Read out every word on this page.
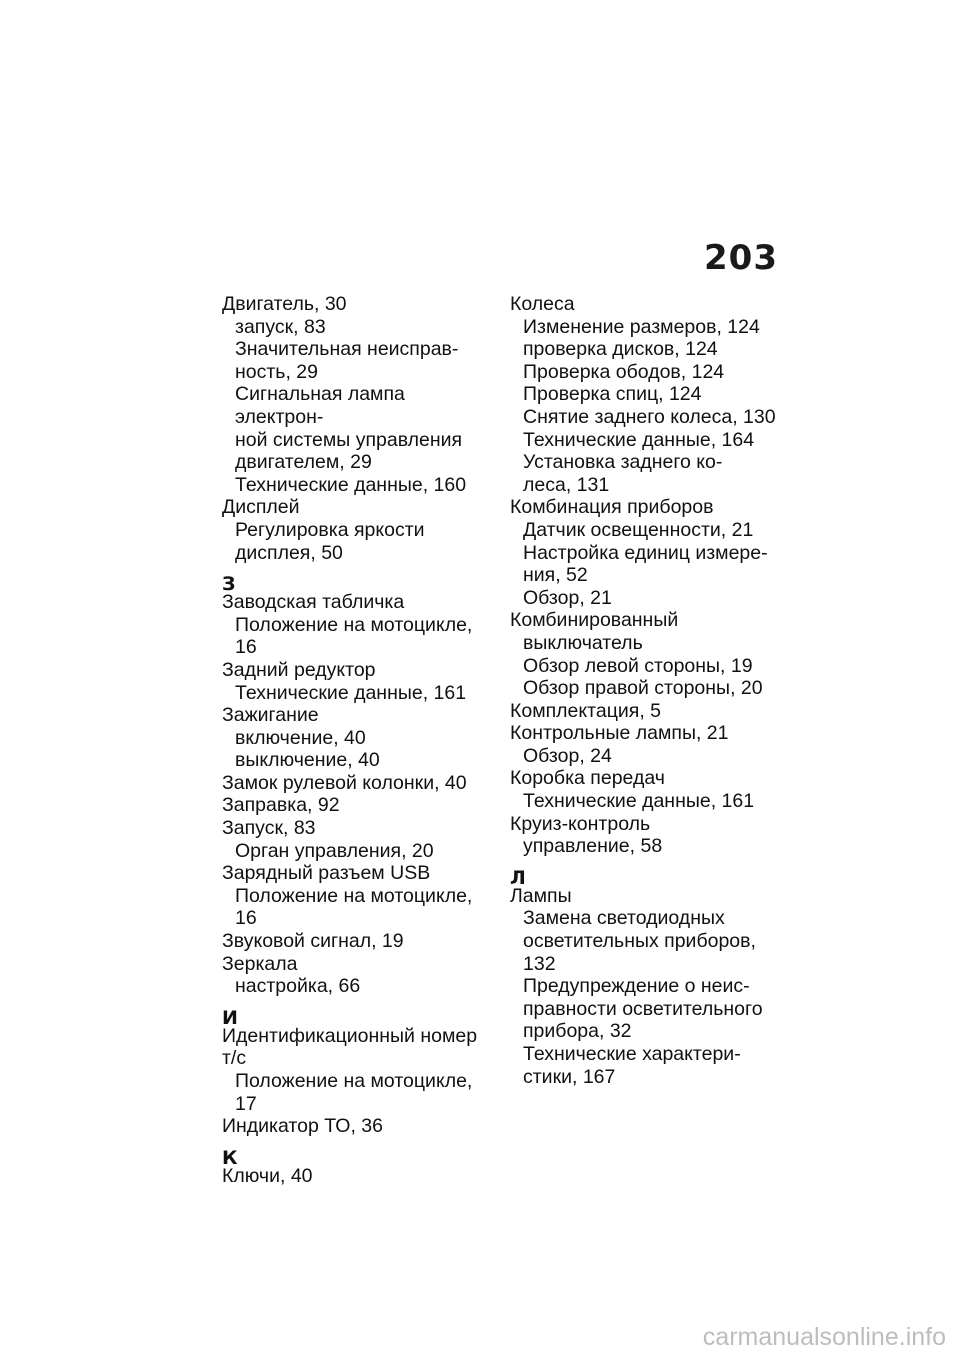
203
Двигатель, 30
запуск, 83
Значительная неисправ-
ность, 29
Сигнальная лампа электрон-
ной системы управления
двигателем, 29
Технические данные, 160
Дисплей
Регулировка яркости
дисплея, 50
З
Заводская табличка
Положение на мотоцикле, 16
Задний редуктор
Технические данные, 161
Зажигание
включение, 40
выключение, 40
Замок рулевой колонки, 40
Заправка, 92
Запуск, 83
Орган управления, 20
Зарядный разъем USB
Положение на мотоцикле, 16
Звуковой сигнал, 19
Зеркала
настройка, 66
И
Идентификационный номер т/с
Положение на мотоцикле, 17
Индикатор ТО, 36
К
Ключи, 40
Колеса
Изменение размеров, 124
проверка дисков, 124
Проверка ободов, 124
Проверка спиц, 124
Снятие заднего колеса, 130
Технические данные, 164
Установка заднего ко-
леса, 131
Комбинация приборов
Датчик освещенности, 21
Настройка единиц измере-
ния, 52
Обзор, 21
Комбинированный
выключатель
Обзор левой стороны, 19
Обзор правой стороны, 20
Комплектация, 5
Контрольные лампы, 21
Обзор, 24
Коробка передач
Технические данные, 161
Круиз-контроль
управление, 58
Л
Лампы
Замена светодиодных
осветительных приборов, 132
Предупреждение о неис-
правности осветительного
прибора, 32
Технические характери-
стики, 167
carmanualsonline.info
